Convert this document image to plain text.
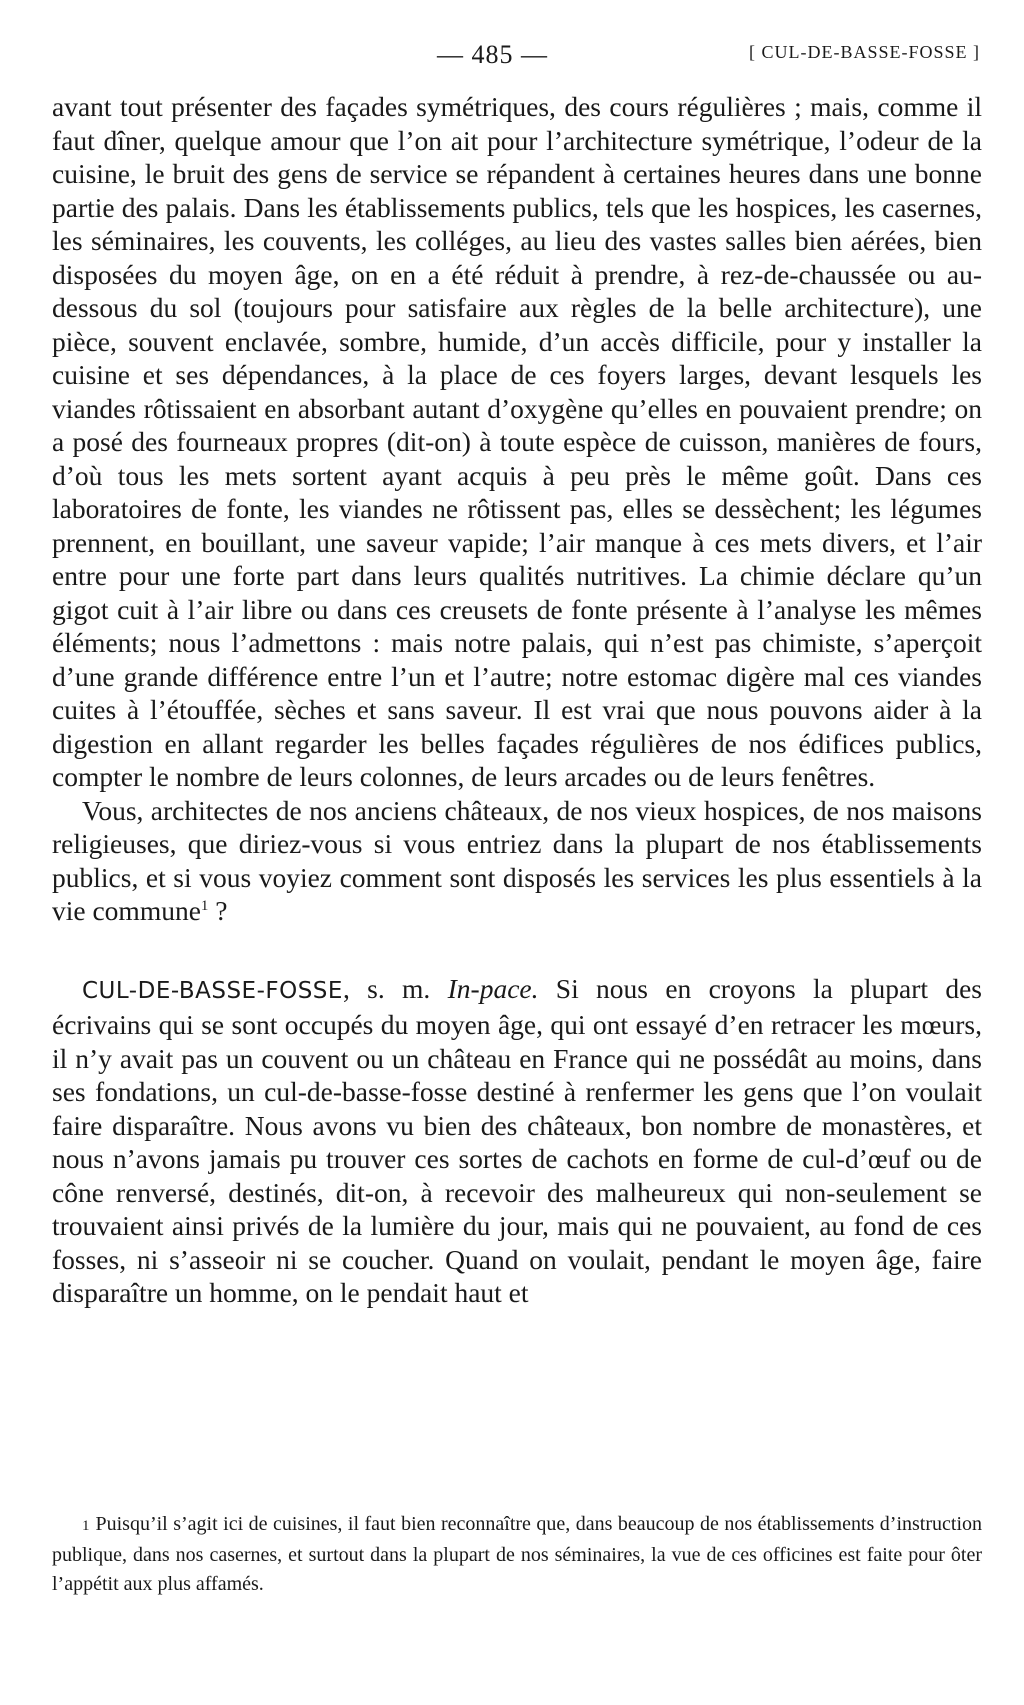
— 485 —	[ CUL-DE-BASSE-FOSSE ]

avant tout présenter des façades symétriques, des cours régulières ; mais, comme il faut dîner, quelque amour que l’on ait pour l’architecture symétrique, l’odeur de la cuisine, le bruit des gens de service se répandent à certaines heures dans une bonne partie des palais. Dans les établissements publics, tels que les hospices, les casernes, les séminaires, les couvents, les colléges, au lieu des vastes salles bien aérées, bien disposées du moyen âge, on en a été réduit à prendre, à rez-de-chaussée ou au-dessous du sol (toujours pour satisfaire aux règles de la belle architecture), une pièce, souvent enclavée, sombre, humide, d’un accès difficile, pour y installer la cuisine et ses dépendances, à la place de ces foyers larges, devant lesquels les viandes rôtissaient en absorbant autant d’oxygène qu’elles en pouvaient prendre; on a posé des fourneaux propres (dit-on) à toute espèce de cuisson, manières de fours, d’où tous les mets sortent ayant acquis à peu près le même goût. Dans ces laboratoires de fonte, les viandes ne rôtissent pas, elles se dessèchent; les légumes prennent, en bouillant, une saveur vapide; l’air manque à ces mets divers, et l’air entre pour une forte part dans leurs qualités nutritives. La chimie déclare qu’un gigot cuit à l’air libre ou dans ces creusets de fonte présente à l’analyse les mêmes éléments; nous l’admettons : mais notre palais, qui n’est pas chimiste, s’aperçoit d’une grande différence entre l’un et l’autre; notre estomac digère mal ces viandes cuites à l’étouffée, sèches et sans saveur. Il est vrai que nous pouvons aider à la digestion en allant regarder les belles façades régulières de nos édifices publics, compter le nombre de leurs colonnes, de leurs arcades ou de leurs fenêtres.

Vous, architectes de nos anciens châteaux, de nos vieux hospices, de nos maisons religieuses, que diriez-vous si vous entriez dans la plupart de nos établissements publics, et si vous voyiez comment sont disposés les services les plus essentiels à la vie commune$^1$ ?

CUL-DE-BASSE-FOSSE, s. m. In-pace. Si nous en croyons la plupart des écrivains qui se sont occupés du moyen âge, qui ont essayé d’en retracer les mœurs, il n’y avait pas un couvent ou un château en France qui ne possédât au moins, dans ses fondations, un cul-de-basse-fosse destiné à renfermer les gens que l’on voulait faire disparaître. Nous avons vu bien des châteaux, bon nombre de monastères, et nous n’avons jamais pu trouver ces sortes de cachots en forme de cul-d’œuf ou de cône renversé, destinés, dit-on, à recevoir des malheureux qui non-seulement se trouvaient ainsi privés de la lumière du jour, mais qui ne pouvaient, au fond de ces fosses, ni s’asseoir ni se coucher. Quand on voulait, pendant le moyen âge, faire disparaître un homme, on le pendait haut et

1 Puisqu’il s’agit ici de cuisines, il faut bien reconnaître que, dans beaucoup de nos établissements d’instruction publique, dans nos casernes, et surtout dans la plupart de nos séminaires, la vue de ces officines est faite pour ôter l’appétit aux plus affamés.
